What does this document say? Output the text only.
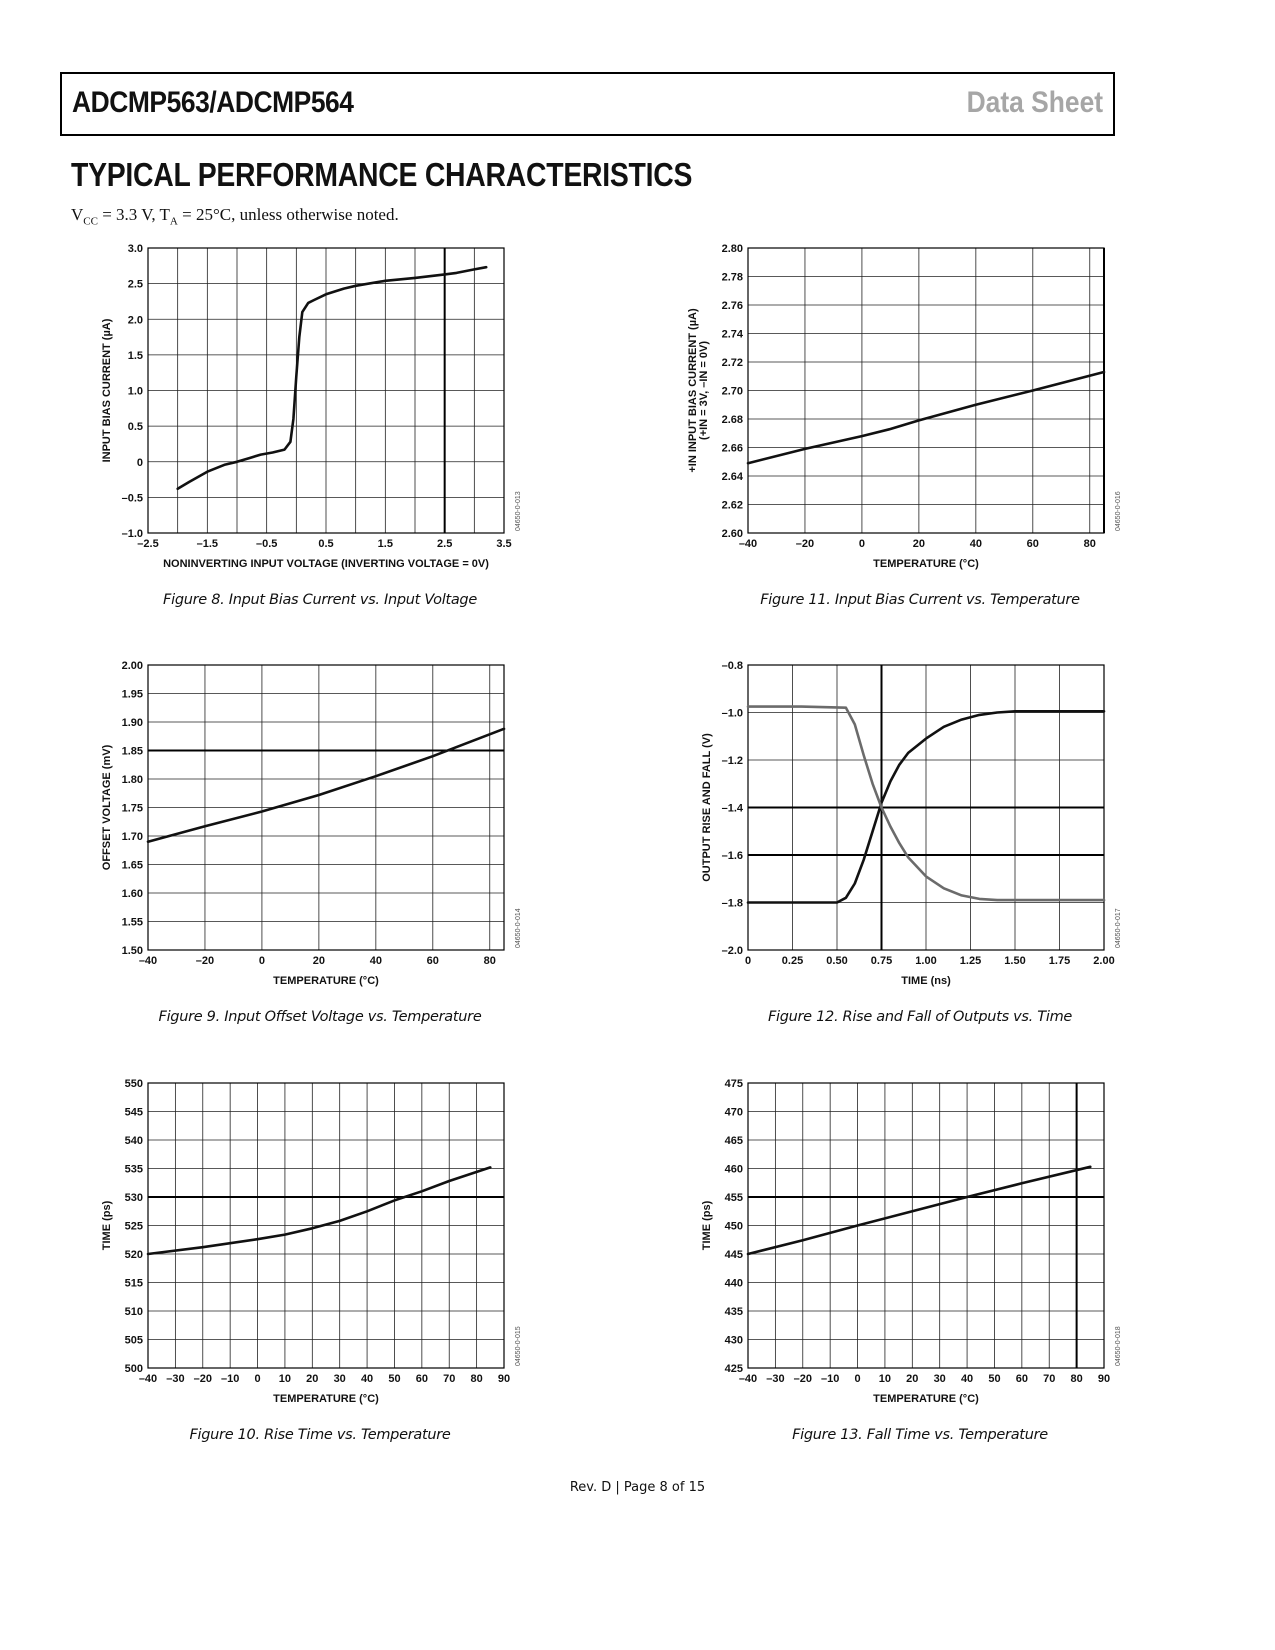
ADCMP563/ADCMP564	Data Sheet
TYPICAL PERFORMANCE CHARACTERISTICS
$V_{CC} = 3.3$ V, $T_A = 25^\circ C$, unless otherwise noted.
–2.5	–1.5	–0.5	0.5	1.5	2.5	3.5
–1.0
–0.5
0
0.5
1.0
1.5
2.0
2.5
3.0
NONINVERTING INPUT VOLTAGE (INVERTING VOLTAGE = 0V)
INPUT BIAS CURRENT (µA)
04650-0-013
Figure 8. Input Bias Current vs. Input Voltage
–40	–20	0	20	40	60	80
2.60
2.62
2.64
2.66
2.68
2.70
2.72
2.74
2.76
2.78
2.80
TEMPERATURE (°C)
+IN INPUT BIAS CURRENT (µA) (+IN = 3V, –IN = 0V)
04650-0-016
Figure 11. Input Bias Current vs. Temperature
–40	–20	0	20	40	60	80
1.50
1.55
1.60
1.65
1.70
1.75
1.80
1.85
1.90
1.95
2.00
TEMPERATURE (°C)
OFFSET VOLTAGE (mV)
04650-0-014
Figure 9. Input Offset Voltage vs. Temperature
0	0.25 0.50 0.75 1.00 1.25 1.50 1.75 2.00
–2.0
–1.8
–1.6
–1.4
–1.2
–1.0
–0.8
TIME (ns)
OUTPUT RISE AND FALL (V)
04650-0-017
Figure 12. Rise and Fall of Outputs vs. Time
–40 –30 –20 –10 0 10 20 30 40 50 60 70 80 90
500
505
510
515
520
525
530
535
540
545
550
TEMPERATURE (°C)
TIME (ps)
04650-0-015
Figure 10. Rise Time vs. Temperature
–40 –30 –20 –10 0 10 20 30 40 50 60 70 80 90
425
430
435
440
445
450
455
460
465
470
475
TEMPERATURE (°C)
TIME (ps)
04650-0-018
Figure 13. Fall Time vs. Temperature
Rev. D | Page 8 of 15
